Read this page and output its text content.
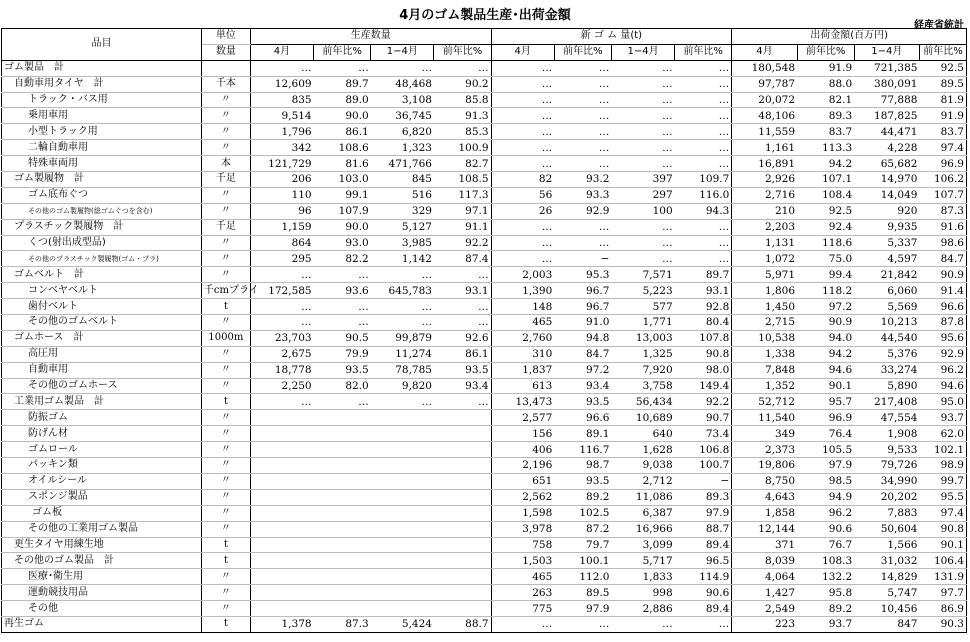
4月のゴム製品生産･出荷金額
経産省統計
品目	単位	生産数量				新 ゴ ム 量(t)				出荷金額(百万円)			
	数量	4月	前年比%	1−4月	前年比%	4月	前年比%	1−4月	前年比%	4月	前年比%	1−4月	前年比%
ゴム製品　計		…	…	…	…	…	…	…	…	180,548	91.9	721,385	92.5
自動車用タイヤ　計	千本	12,609	89.7	48,468	90.2	…	…	…	…	97,787	88.0	380,091	89.5
トラック・バス用	〃	835	89.0	3,108	85.8	…	…	…	…	20,072	82.1	77,888	81.9
乗用車用	〃	9,514	90.0	36,745	91.3	…	…	…	…	48,106	89.3	187,825	91.9
小型トラック用	〃	1,796	86.1	6,820	85.3	…	…	…	…	11,559	83.7	44,471	83.7
二輪自動車用	〃	342	108.6	1,323	100.9	…	…	…	…	1,161	113.3	4,228	97.4
特殊車両用	本	121,729	81.6	471,766	82.7	…	…	…	…	16,891	94.2	65,682	96.9
ゴム製履物　計	千足	206	103.0	845	108.5	82	93.2	397	109.7	2,926	107.1	14,970	106.2
ゴム底布ぐつ	〃	110	99.1	516	117.3	56	93.3	297	116.0	2,716	108.4	14,049	107.7
その他のゴム製履物(総ゴムぐつを含む)	〃	96	107.9	329	97.1	26	92.9	100	94.3	210	92.5	920	87.3
プラスチック製履物　計	千足	1,159	90.0	5,127	91.1	…	…	…	…	2,203	92.4	9,935	91.6
くつ(射出成型品)	〃	864	93.0	3,985	92.2	…	…	…	…	1,131	118.6	5,337	98.6
その他のプラスチック製履物(ゴム・プラ)	〃	295	82.2	1,142	87.4	…	−	…	…	1,072	75.0	4,597	84.7
ゴムベルト　計	〃	…	…	…	…	2,003	95.3	7,571	89.7	5,971	99.4	21,842	90.9
コンベヤベルト	千cmプライ	172,585	93.6	645,783	93.1	1,390	96.7	5,223	93.1	1,806	118.2	6,060	91.4
歯付ベルト	t	…	…	…	…	148	96.7	577	92.8	1,450	97.2	5,569	96.6
その他のゴムベルト	〃	…	…	…	…	465	91.0	1,771	80.4	2,715	90.9	10,213	87.8
ゴムホース　計	1000m	23,703	90.5	99,879	92.6	2,760	94.8	13,003	107.8	10,538	94.0	44,540	95.6
高圧用	〃	2,675	79.9	11,274	86.1	310	84.7	1,325	90.8	1,338	94.2	5,376	92.9
自動車用	〃	18,778	93.5	78,785	93.5	1,837	97.2	7,920	98.0	7,848	94.6	33,274	96.2
その他のゴムホース	〃	2,250	82.0	9,820	93.4	613	93.4	3,758	149.4	1,352	90.1	5,890	94.6
工業用ゴム製品　計	t	…	…	…	…	13,473	93.5	56,434	92.2	52,712	95.7	217,408	95.0
防振ゴム	〃					2,577	96.6	10,689	90.7	11,540	96.9	47,554	93.7
防げん材	〃					156	89.1	640	73.4	349	76.4	1,908	62.0
ゴムロール	〃					406	116.7	1,628	106.8	2,373	105.5	9,533	102.1
パッキン類	〃					2,196	98.7	9,038	100.7	19,806	97.9	79,726	98.9
オイルシール	〃					651	93.5	2,712	−	8,750	98.5	34,990	99.7
スポンジ製品	〃					2,562	89.2	11,086	89.3	4,643	94.9	20,202	95.5
ゴム板	〃					1,598	102.5	6,387	97.9	1,858	96.2	7,883	97.4
その他の工業用ゴム製品	〃					3,978	87.2	16,966	88.7	12,144	90.6	50,604	90.8
更生タイヤ用練生地	t					758	79.7	3,099	89.4	371	76.7	1,566	90.1
その他のゴム製品　計	t					1,503	100.1	5,717	96.5	8,039	108.3	31,032	106.4
医療･衛生用	〃					465	112.0	1,833	114.9	4,064	132.2	14,829	131.9
運動競技用品	〃					263	89.5	998	90.6	1,427	95.8	5,747	97.7
その他	〃					775	97.9	2,886	89.4	2,549	89.2	10,456	86.9
再生ゴム	t	1,378	87.3	5,424	88.7	…	…	…	…	223	93.7	847	90.3
